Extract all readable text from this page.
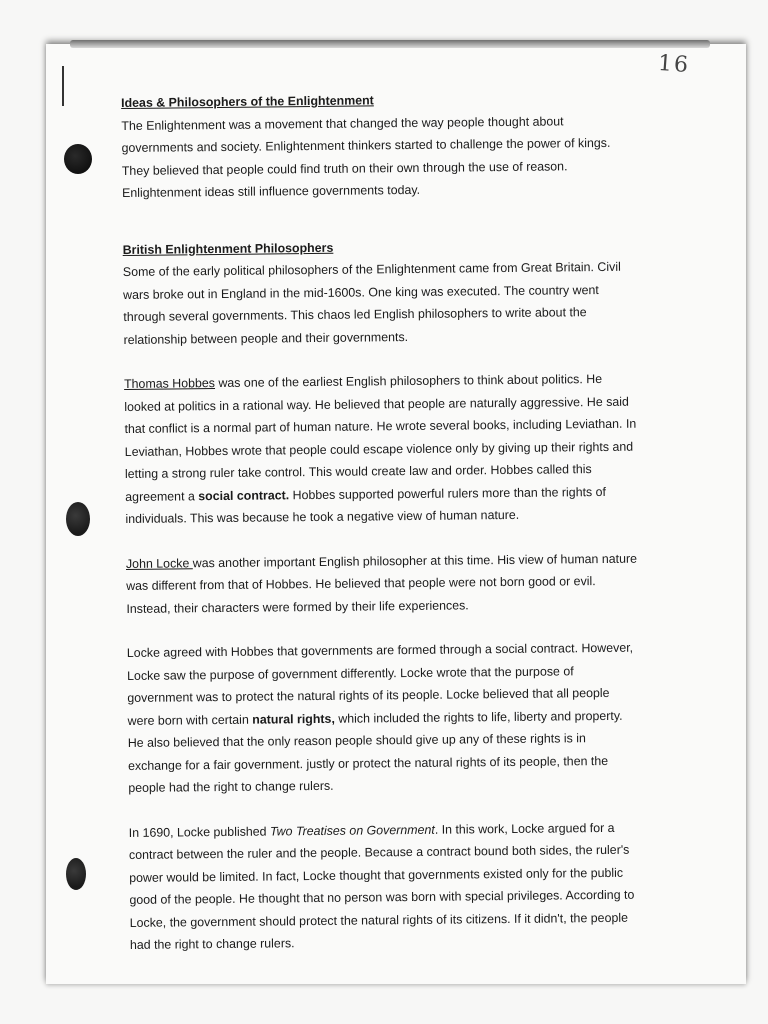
16

Ideas & Philosophers of the Enlightenment

The Enlightenment was a movement that changed the way people thought about governments and society. Enlightenment thinkers started to challenge the power of kings. They believed that people could find truth on their own through the use of reason. Enlightenment ideas still influence governments today.

British Enlightenment Philosophers

Some of the early political philosophers of the Enlightenment came from Great Britain. Civil wars broke out in England in the mid-1600s. One king was executed. The country went through several governments. This chaos led English philosophers to write about the relationship between people and their governments.

Thomas Hobbes was one of the earliest English philosophers to think about politics. He looked at politics in a rational way. He believed that people are naturally aggressive. He said that conflict is a normal part of human nature. He wrote several books, including Leviathan. In Leviathan, Hobbes wrote that people could escape violence only by giving up their rights and letting a strong ruler take control. This would create law and order. Hobbes called this agreement a social contract. Hobbes supported powerful rulers more than the rights of individuals. This was because he took a negative view of human nature.

John Locke was another important English philosopher at this time. His view of human nature was different from that of Hobbes. He believed that people were not born good or evil. Instead, their characters were formed by their life experiences.

Locke agreed with Hobbes that governments are formed through a social contract. However, Locke saw the purpose of government differently. Locke wrote that the purpose of government was to protect the natural rights of its people. Locke believed that all people were born with certain natural rights, which included the rights to life, liberty and property. He also believed that the only reason people should give up any of these rights is in exchange for a fair government. justly or protect the natural rights of its people, then the people had the right to change rulers.

In 1690, Locke published Two Treatises on Government. In this work, Locke argued for a contract between the ruler and the people. Because a contract bound both sides, the ruler's power would be limited. In fact, Locke thought that governments existed only for the public good of the people. He thought that no person was born with special privileges. According to Locke, the government should protect the natural rights of its citizens. If it didn't, the people had the right to change rulers.
